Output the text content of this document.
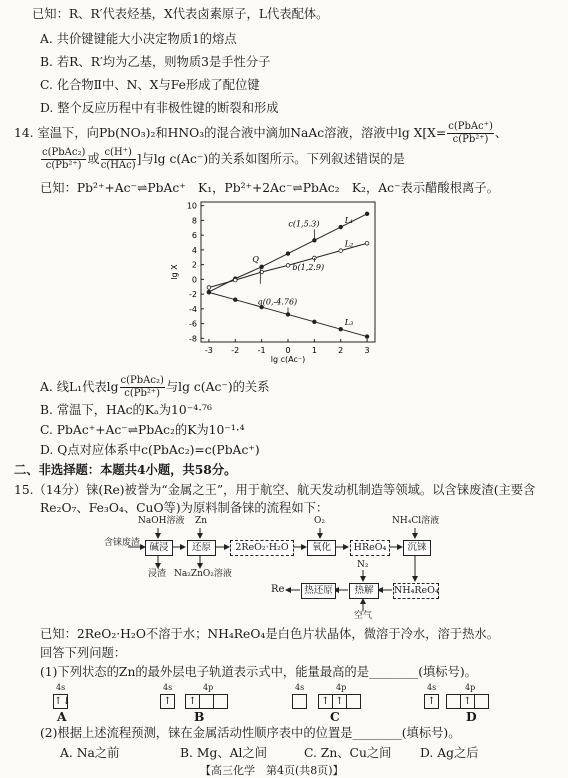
已知：R、R′代表烃基，X代表卤素原子，L代表配体。
A. 共价键键能大小决定物质1的熔点
B. 若R、R′均为乙基，则物质3是手性分子
C. 化合物Ⅱ中、N、X与Fe形成了配位键
D. 整个反应历程中有非极性键的断裂和形成
14. 室温下，向Pb(NO₃)₂和HNO₃的混合液中滴加NaAc溶液，溶液中$\lg X[X= \frac{\text{c(PbAc⁺)}}{\text{c(Pb²⁺)}}$ 、
$\frac{\text{c(PbAc₂)}}{\text{c(Pb²⁺)}}$ 或 $\frac{c(H^+)}{\text{c(HAc)}}$ ]与lg c(Ac⁻)的关系如图所示。下列叙述错误的是
已知：Pb²⁺+Ac⁻⇌PbAc⁺　K₁，Pb²⁺+2Ac⁻⇌PbAc₂　K₂，Ac⁻表示醋酸根离子。
-3 -2 -1 0	1	2	3
-8
-6
-4
-2
0
2
4
6
8
10
lg c(Ac⁻)
lg X
L₁
L₂
L₃
c(1,5.3)
b(1,2.9)
a(0,-4.76)
Q
A. 线L₁代表$\lg \frac{\text{c(PbAc₂)}}{\text{c(Pb²⁺)}}$ 与lg c(Ac⁻)的关系
B. 常温下，HAc的Kₐ为10⁻⁴·⁷⁶
C. PbAc⁺+Ac⁻⇌PbAc₂的K为10⁻¹·⁴
D. Q点对应体系中c(PbAc₂)=c(PbAc⁺)
二、非选择题：本题共4小题，共58分。
15.（14分）铼(Re)被誉为“金属之王”，用于航空、航天发动机制造等领域。以含铼废渣(主要含
Re₂O₇、Fe₃O₄、CuO等)为原料制备铼的流程如下：
含铼废渣
NaOH溶液 Zn	O₂	NH₄Cl溶液
N₂
空气
浸渣 Na₂ZnO₂溶液
碱浸	还原	2ReO₂·H₂O	氧化	HReO₄	沉铼
NH₄ReO₄
热解
热还原
Re
已知：2ReO₂·H₂O不溶于水；NH₄ReO₄是白色片状晶体，微溶于冷水，溶于热水。
回答下列问题：
(1)下列状态的Zn的最外层电子轨道表示式中，能量最高的是________(填标号)。
4s
↑↓
A
4s	4p
↑	↑
B
4s	4p
↑ ↑
C
4s	4p
↑	↑
D
(2)根据上述流程预测，铼在金属活动性顺序表中的位置是________(填标号)。
A. Na之前	B. Mg、Al之间	C. Zn、Cu之间 D. Ag之后
【高三化学　第4页(共8页)】
